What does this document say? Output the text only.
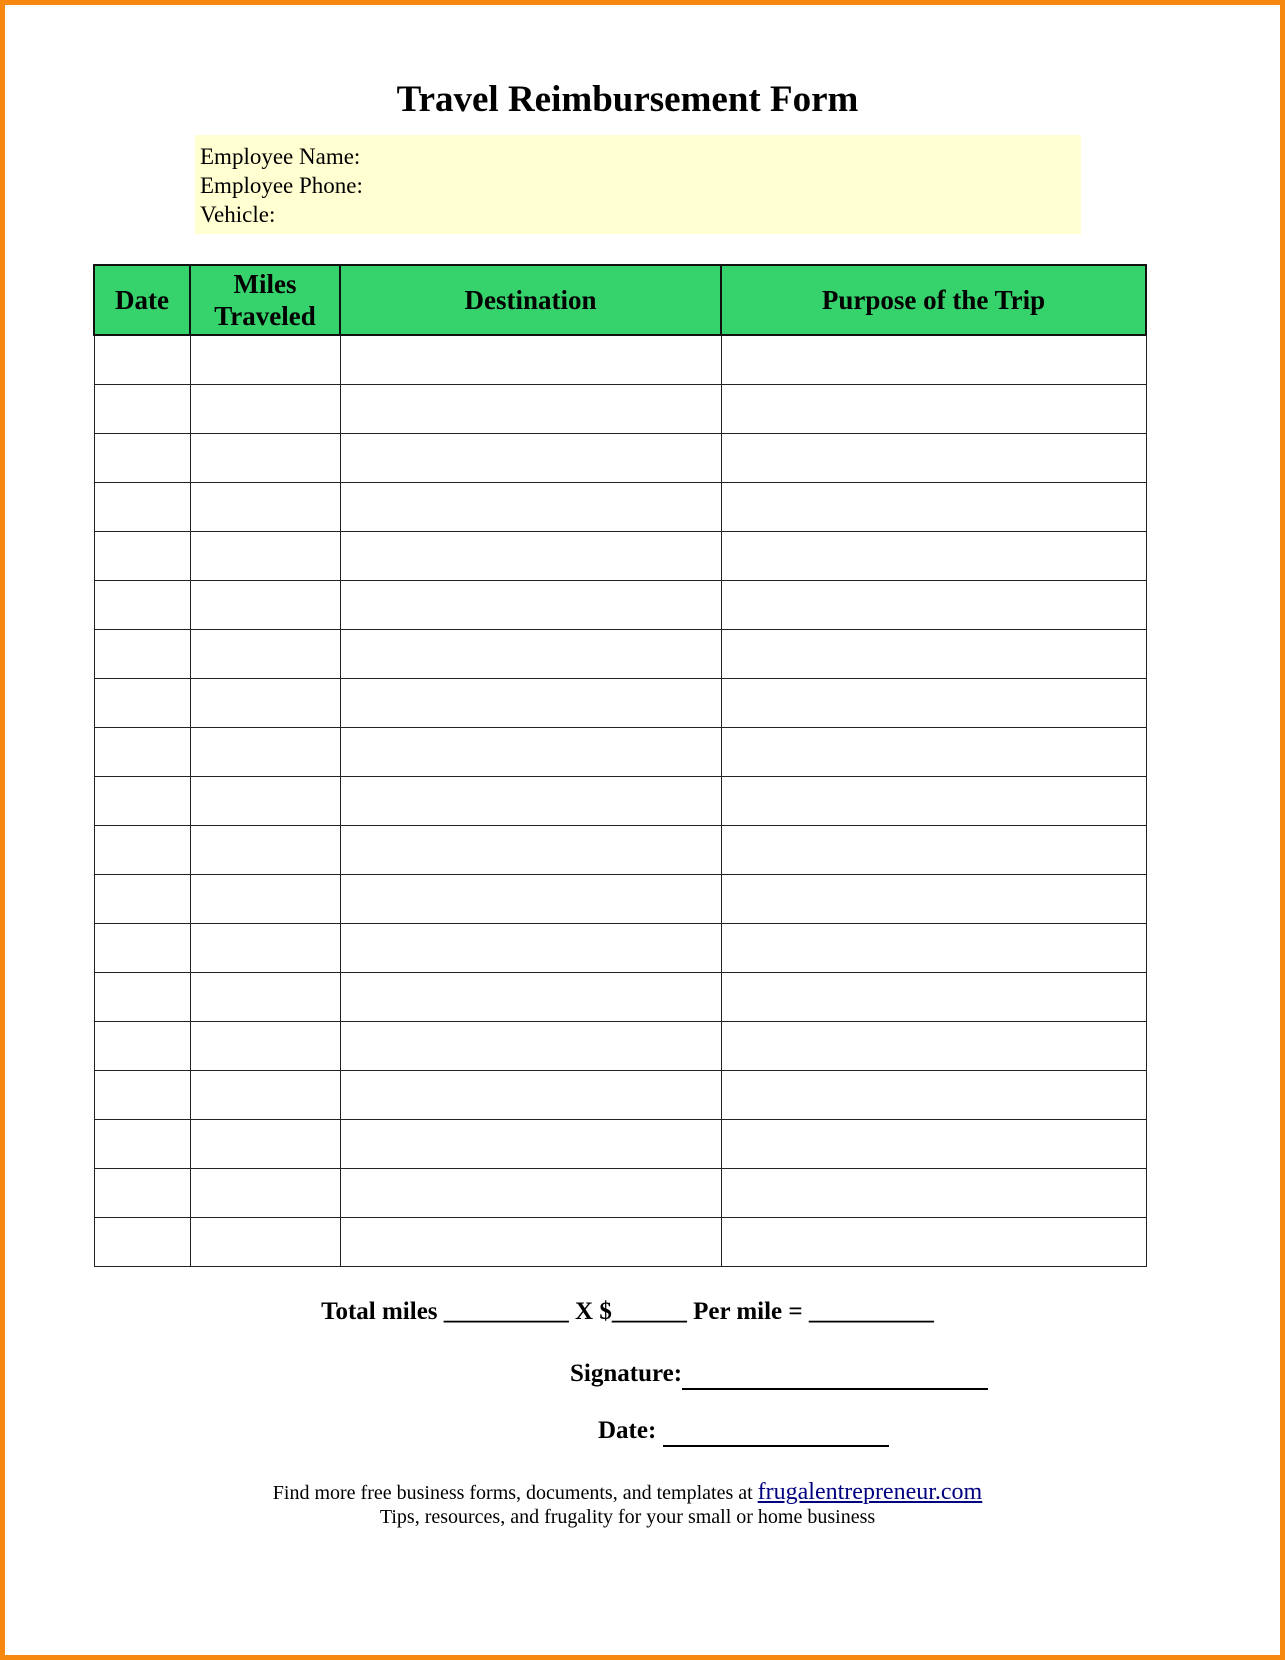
Travel Reimbursement Form
Employee Name:
Employee Phone:
Vehicle:
Date	Miles Traveled	Destination	Purpose of the Trip

Total miles __________ X $______ Per mile = __________
Signature:
Date:
Find more free business forms, documents, and templates at frugalentrepreneur.com
Tips, resources, and frugality for your small or home business
